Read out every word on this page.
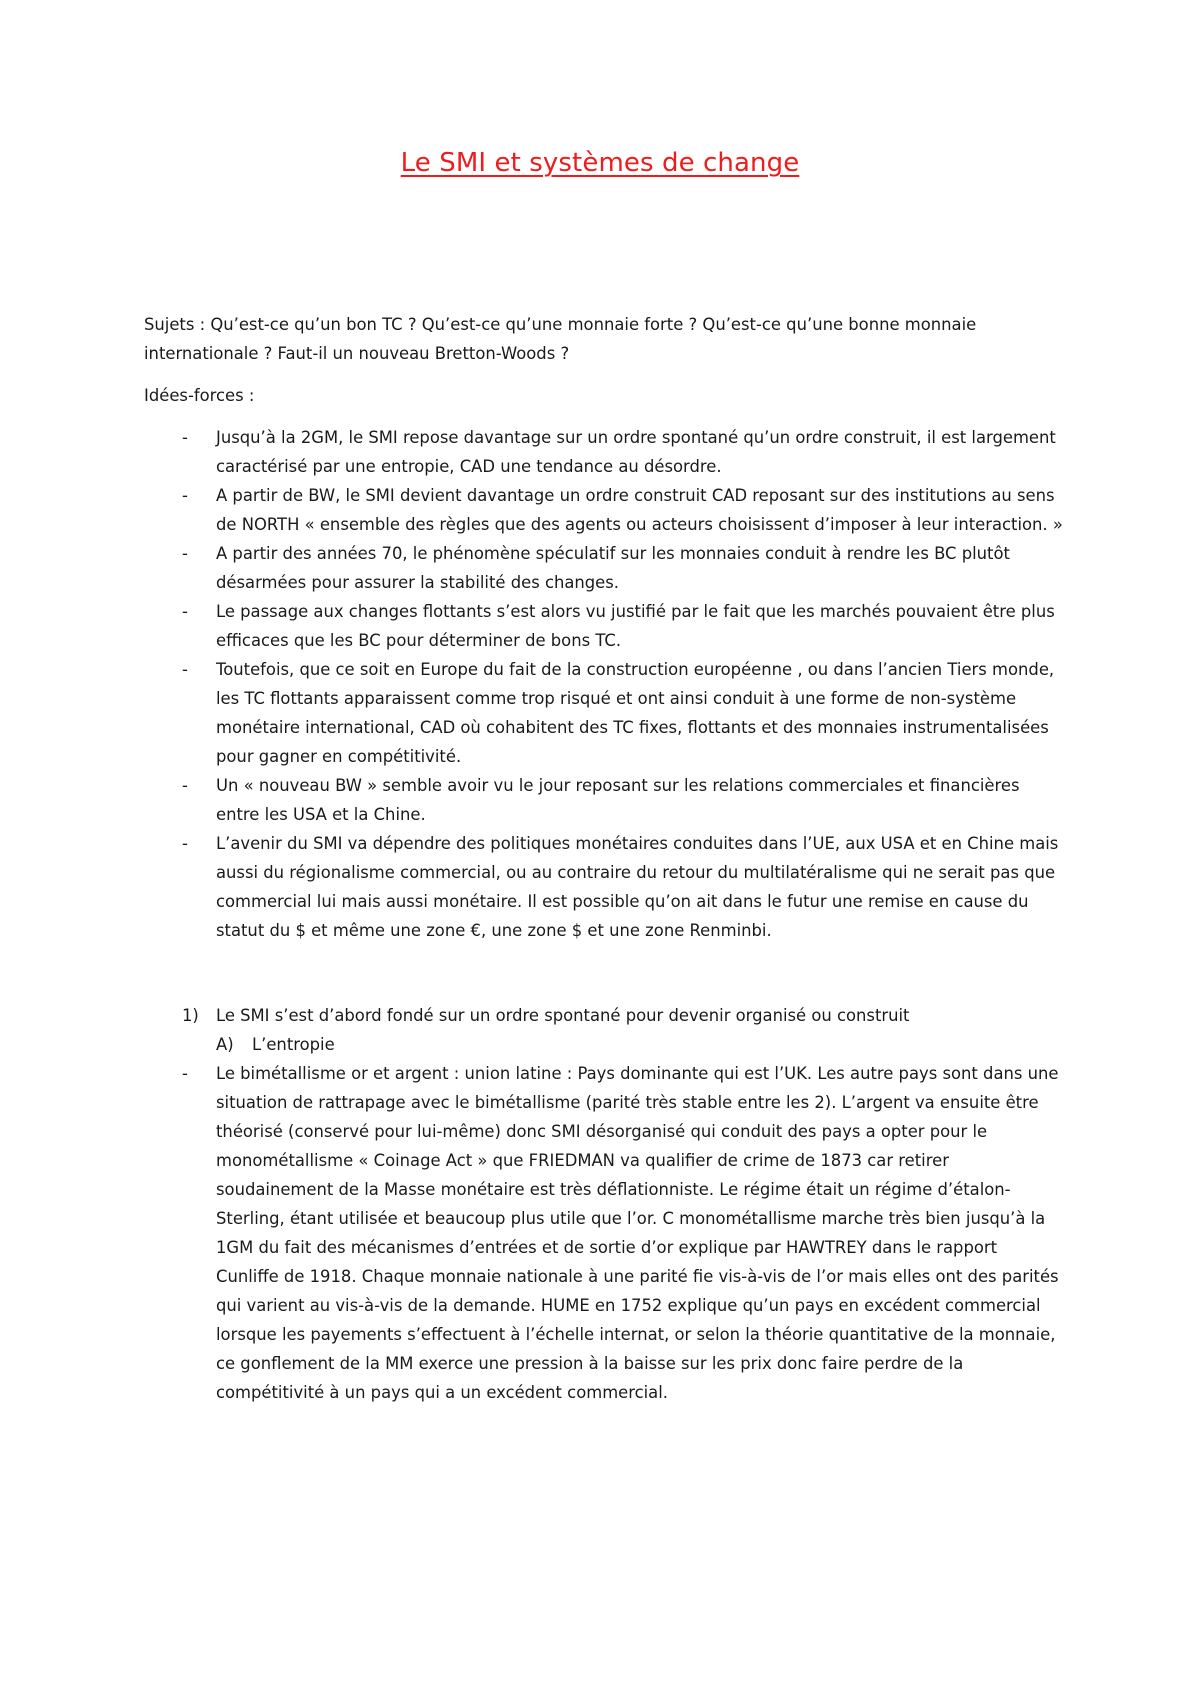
Le SMI et systèmes de change

Sujets : Qu’est-ce qu’un bon TC ? Qu’est-ce qu’une monnaie forte ? Qu’est-ce qu’une bonne monnaie internationale ? Faut-il un nouveau Bretton-Woods ?

Idées-forces :

- Jusqu’à la 2GM, le SMI repose davantage sur un ordre spontané qu’un ordre construit, il est largement caractérisé par une entropie, CAD une tendance au désordre.
- A partir de BW, le SMI devient davantage un ordre construit CAD reposant sur des institutions au sens de NORTH « ensemble des règles que des agents ou acteurs choisissent d’imposer à leur interaction. »
- A partir des années 70, le phénomène spéculatif sur les monnaies conduit à rendre les BC plutôt désarmées pour assurer la stabilité des changes.
- Le passage aux changes flottants s’est alors vu justifié par le fait que les marchés pouvaient être plus efficaces que les BC pour déterminer de bons TC.
- Toutefois, que ce soit en Europe du fait de la construction européenne , ou dans l’ancien Tiers monde, les TC flottants apparaissent comme trop risqué et ont ainsi conduit à une forme de non-système monétaire international, CAD où cohabitent des TC fixes, flottants et des monnaies instrumentalisées pour gagner en compétitivité.
- Un « nouveau BW » semble avoir vu le jour reposant sur les relations commerciales et financières entre les USA et la Chine.
- L’avenir du SMI va dépendre des politiques monétaires conduites dans l’UE, aux USA et en Chine mais aussi du régionalisme commercial, ou au contraire du retour du multilatéralisme qui ne serait pas que commercial lui mais aussi monétaire. Il est possible qu’on ait dans le futur une remise en cause du statut du $ et même une zone €, une zone $ et une zone Renminbi.
1) Le SMI s’est d’abord fondé sur un ordre spontané pour devenir organisé ou construit
A) L’entropie
- Le bimétallisme or et argent : union latine : Pays dominante qui est l’UK. Les autre pays sont dans une situation de rattrapage avec le bimétallisme (parité très stable entre les 2). L’argent va ensuite être théorisé (conservé pour lui-même) donc SMI désorganisé qui conduit des pays a opter pour le monométallisme « Coinage Act » que FRIEDMAN va qualifier de crime de 1873 car retirer soudainement de la Masse monétaire est très déflationniste. Le régime était un régime d’étalon-Sterling, étant utilisée et beaucoup plus utile que l’or. C monométallisme marche très bien jusqu’à la 1GM du fait des mécanismes d’entrées et de sortie d’or explique par HAWTREY dans le rapport Cunliffe de 1918. Chaque monnaie nationale à une parité fie vis-à-vis de l’or mais elles ont des parités qui varient au vis-à-vis de la demande. HUME en 1752 explique qu’un pays en excédent commercial lorsque les payements s’effectuent à l’échelle internat, or selon la théorie quantitative de la monnaie, ce gonflement de la MM exerce une pression à la baisse sur les prix donc faire perdre de la compétitivité à un pays qui a un excédent commercial.
